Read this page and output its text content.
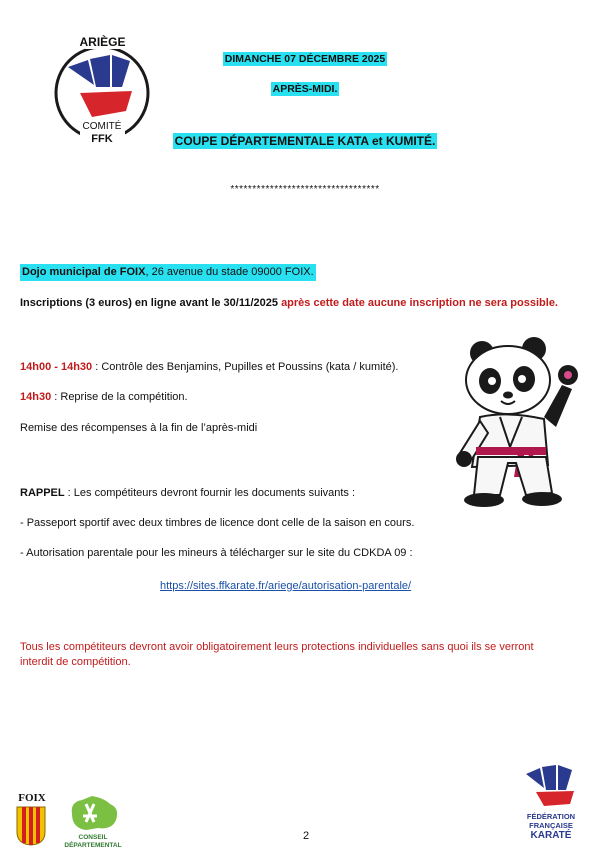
ARIÈGE
COMITÉ
FFK
DIMANCHE 07 DÉCEMBRE 2025
APRÈS-MIDI.
COUPE DÉPARTEMENTALE KATA et KUMITÉ.
**********************************
Dojo municipal de FOIX, 26 avenue du stade 09000 FOIX.
Inscriptions (3 euros) en ligne avant le 30/11/2025 après cette date aucune inscription ne sera possible.
14h00 - 14h30 : Contrôle des Benjamins, Pupilles et Poussins (kata / kumité).
14h30 : Reprise de la compétition.
Remise des récompenses à la fin de l’après-midi
RAPPEL : Les compétiteurs devront fournir les documents suivants :
- Passeport sportif avec deux timbres de licence dont celle de la saison en cours.
- Autorisation parentale pour les mineurs à télécharger sur le site du CDKDA 09 :
https://sites.ffkarate.fr/ariege/autorisation-parentale/
Tous les compétiteurs devront avoir obligatoirement leurs protections individuelles sans quoi ils se verront
interdit de compétition.
FOIX
CONSEIL
DÉPARTEMENTAL
2
FÉDÉRATION
FRANÇAISE
KARATÉ
